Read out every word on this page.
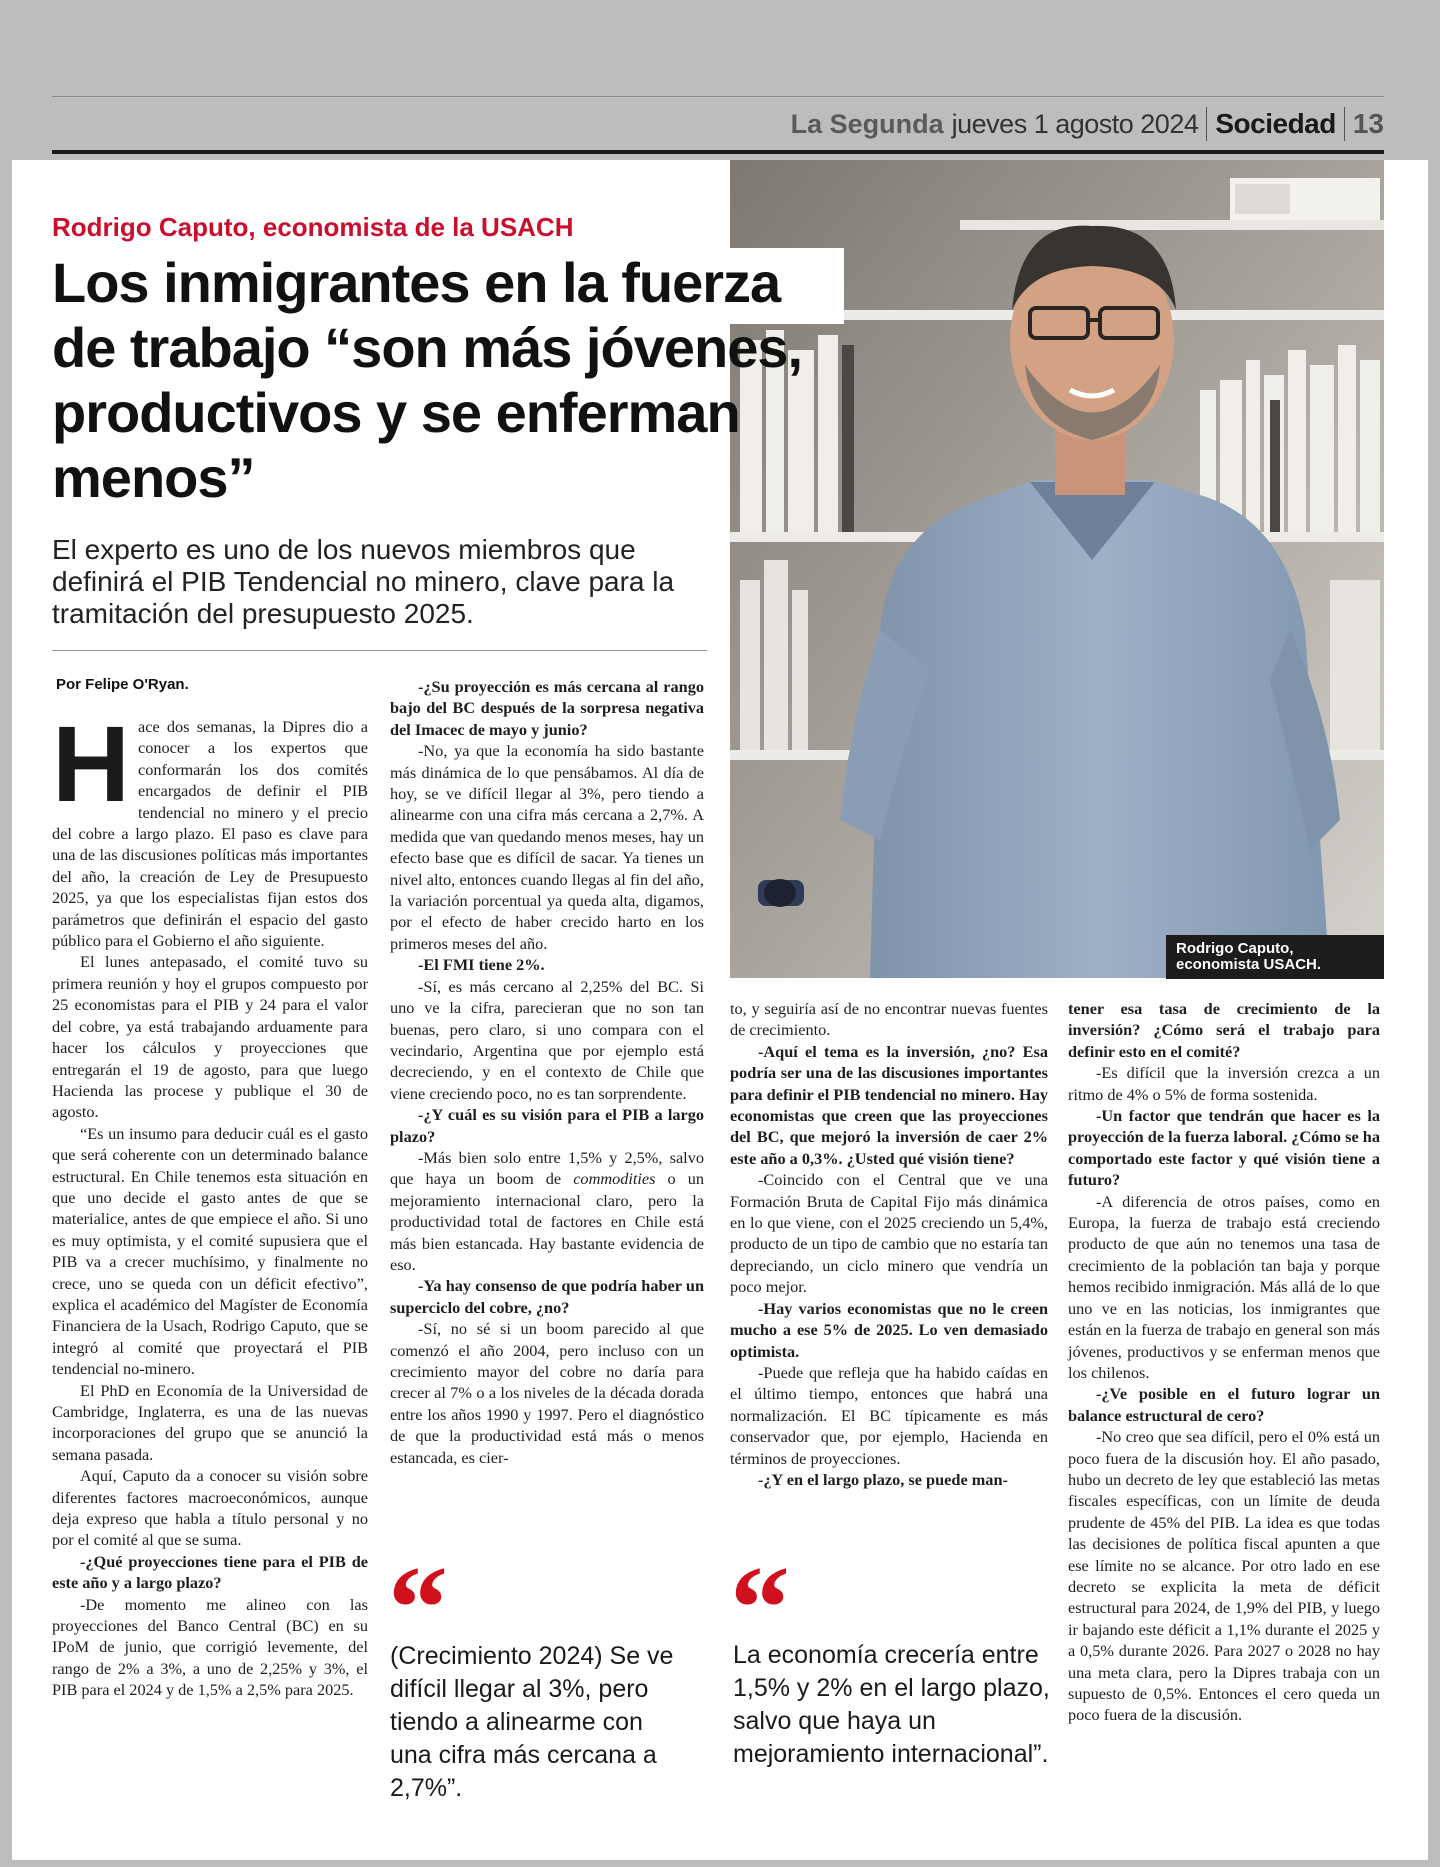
La Segunda jueves 1 agosto 2024 Sociedad 13
Rodrigo Caputo, economista USACH.
Rodrigo Caputo, economista de la USACH
Los inmigrantes en la fuerza de trabajo “son más jóvenes, productivos y se enferman menos”
El experto es uno de los nuevos miembros que definirá el PIB Tendencial no minero, clave para la tramitación del presupuesto 2025.
Por Felipe O'Ryan.

Hace dos semanas, la Dipres dio a conocer a los expertos que conformarán los dos comités encargados de definir el PIB tendencial no minero y el precio del cobre a largo plazo. El paso es clave para una de las discusiones políticas más importantes del año, la creación de Ley de Presupuesto 2025, ya que los especialistas fijan estos dos parámetros que definirán el espacio del gasto público para el Gobierno el año siguiente.

El lunes antepasado, el comité tuvo su primera reunión y hoy el grupos compuesto por 25 economistas para el PIB y 24 para el valor del cobre, ya está trabajando arduamente para hacer los cálculos y proyecciones que entregarán el 19 de agosto, para que luego Hacienda las procese y publique el 30 de agosto.

“Es un insumo para deducir cuál es el gasto que será coherente con un determinado balance estructural. En Chile tenemos esta situación en que uno decide el gasto antes de que se materialice, antes de que empiece el año. Si uno es muy optimista, y el comité supusiera que el PIB va a crecer muchísimo, y finalmente no crece, uno se queda con un déficit efectivo”, explica el académico del Magíster de Economía Financiera de la Usach, Rodrigo Caputo, que se integró al comité que proyectará el PIB tendencial no-minero.

El PhD en Economía de la Universidad de Cambridge, Inglaterra, es una de las nuevas incorporaciones del grupo que se anunció la semana pasada.

Aquí, Caputo da a conocer su visión sobre diferentes factores macroeconómicos, aunque deja expreso que habla a título personal y no por el comité al que se suma.

-¿Qué proyecciones tiene para el PIB de este año y a largo plazo?

-De momento me alineo con las proyecciones del Banco Central (BC) en su IPoM de junio, que corrigió levemente, del rango de 2% a 3%, a uno de 2,25% y 3%, el PIB para el 2024 y de 1,5% a 2,5% para 2025.

-¿Su proyección es más cercana al rango bajo del BC después de la sorpresa negativa del Imacec de mayo y junio?

-No, ya que la economía ha sido bastante más dinámica de lo que pensábamos. Al día de hoy, se ve difícil llegar al 3%, pero tiendo a alinearme con una cifra más cercana a 2,7%. A medida que van quedando menos meses, hay un efecto base que es difícil de sacar. Ya tienes un nivel alto, entonces cuando llegas al fin del año, la variación porcentual ya queda alta, digamos, por el efecto de haber crecido harto en los primeros meses del año.

-El FMI tiene 2%.

-Sí, es más cercano al 2,25% del BC. Si uno ve la cifra, parecieran que no son tan buenas, pero claro, si uno compara con el vecindario, Argentina que por ejemplo está decreciendo, y en el contexto de Chile que viene creciendo poco, no es tan sorprendente.

-¿Y cuál es su visión para el PIB a largo plazo?

-Más bien solo entre 1,5% y 2,5%, salvo que haya un boom de commodities o un mejoramiento internacional claro, pero la productividad total de factores en Chile está más bien estancada. Hay bastante evidencia de eso.

-Ya hay consenso de que podría haber un superciclo del cobre, ¿no?

-Sí, no sé si un boom parecido al que comenzó el año 2004, pero incluso con un crecimiento mayor del cobre no daría para crecer al 7% o a los niveles de la década dorada entre los años 1990 y 1997. Pero el diagnóstico de que la productividad está más o menos estancada, es cier-

to, y seguiría así de no encontrar nuevas fuentes de crecimiento.

-Aquí el tema es la inversión, ¿no? Esa podría ser una de las discusiones importantes para definir el PIB tendencial no minero. Hay economistas que creen que las proyecciones del BC, que mejoró la inversión de caer 2% este año a 0,3%. ¿Usted qué visión tiene?

-Coincido con el Central que ve una Formación Bruta de Capital Fijo más dinámica en lo que viene, con el 2025 creciendo un 5,4%, producto de un tipo de cambio que no estaría tan depreciando, un ciclo minero que vendría un poco mejor.

-Hay varios economistas que no le creen mucho a ese 5% de 2025. Lo ven demasiado optimista.

-Puede que refleja que ha habido caídas en el último tiempo, entonces que habrá una normalización. El BC típicamente es más conservador que, por ejemplo, Hacienda en términos de proyecciones.

-¿Y en el largo plazo, se puede man-

tener esa tasa de crecimiento de la inversión? ¿Cómo será el trabajo para definir esto en el comité?

-Es difícil que la inversión crezca a un ritmo de 4% o 5% de forma sostenida.

-Un factor que tendrán que hacer es la proyección de la fuerza laboral. ¿Cómo se ha comportado este factor y qué visión tiene a futuro?

-A diferencia de otros países, como en Europa, la fuerza de trabajo está creciendo producto de que aún no tenemos una tasa de crecimiento de la población tan baja y porque hemos recibido inmigración. Más allá de lo que uno ve en las noticias, los inmigrantes que están en la fuerza de trabajo en general son más jóvenes, productivos y se enferman menos que los chilenos.

-¿Ve posible en el futuro lograr un balance estructural de cero?

-No creo que sea difícil, pero el 0% está un poco fuera de la discusión hoy. El año pasado, hubo un decreto de ley que estableció las metas fiscales específicas, con un límite de deuda prudente de 45% del PIB. La idea es que todas las decisiones de política fiscal apunten a que ese límite no se alcance. Por otro lado en ese decreto se explicita la meta de déficit estructural para 2024, de 1,9% del PIB, y luego ir bajando este déficit a 1,1% durante el 2025 y a 0,5% durante 2026. Para 2027 o 2028 no hay una meta clara, pero la Dipres trabaja con un supuesto de 0,5%. Entonces el cero queda un poco fuera de la discusión.

“
(Crecimiento 2024) Se ve difícil llegar al 3%, pero tiendo a alinearme con una cifra más cercana a 2,7%”.
“
La economía crecería entre 1,5% y 2% en el largo plazo, salvo que haya un mejoramiento internacional”.
